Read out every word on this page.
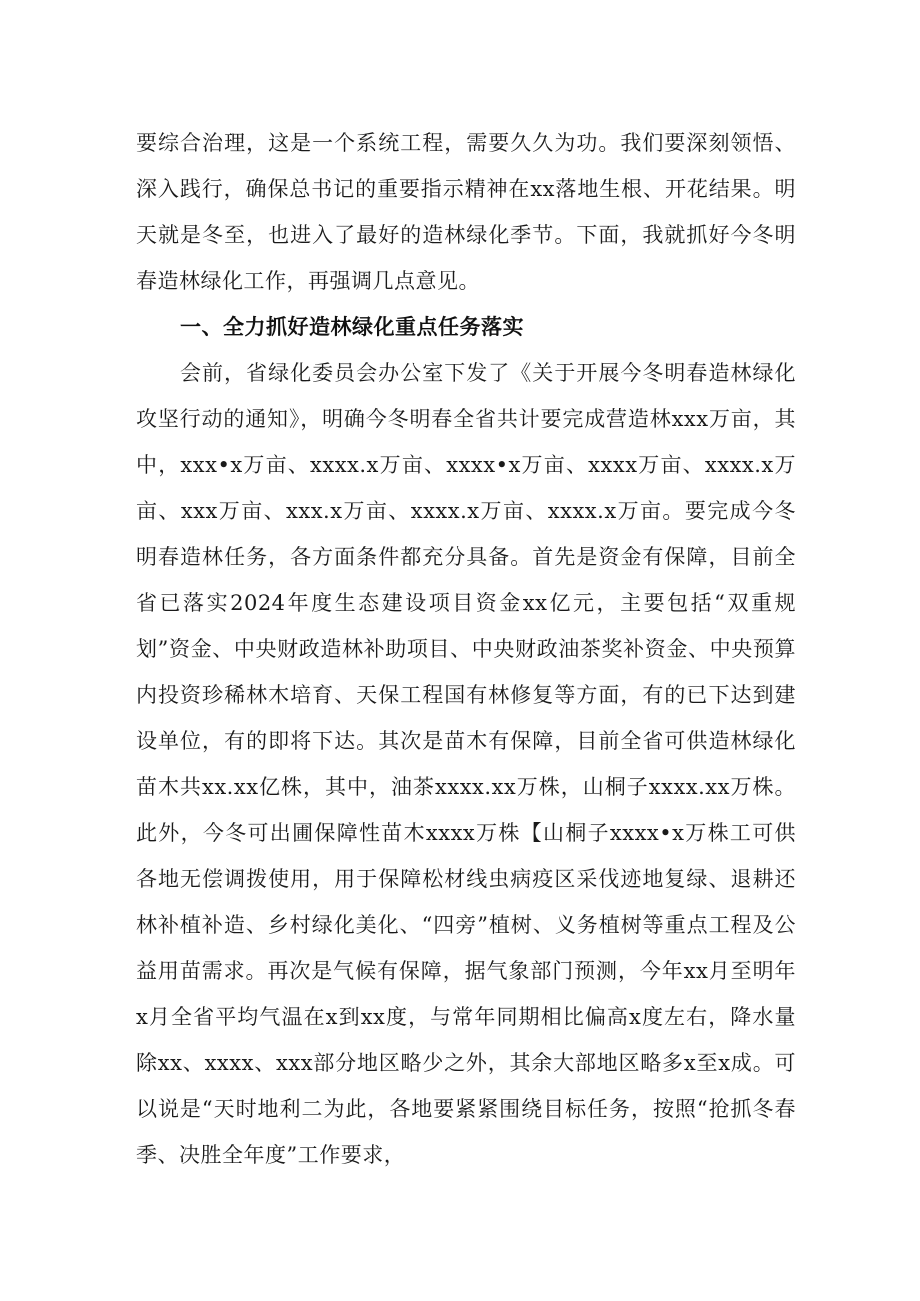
要综合治理，这是一个系统工程，需要久久为功。我们要深刻领悟、深入践行，确保总书记的重要指示精神在xx落地生根、开花结果。明天就是冬至，也进入了最好的造林绿化季节。下面，我就抓好今冬明春造林绿化工作，再强调几点意见。

一、全力抓好造林绿化重点任务落实

会前，省绿化委员会办公室下发了《关于开展今冬明春造林绿化攻坚行动的通知》，明确今冬明春全省共计要完成营造林xxx万亩，其中，xxx•x万亩、xxxx.x万亩、xxxx•x万亩、xxxx万亩、xxxx.x万亩、xxx万亩、xxx.x万亩、xxxx.x万亩、xxxx.x万亩。要完成今冬明春造林任务，各方面条件都充分具备。首先是资金有保障，目前全省已落实2024年度生态建设项目资金xx亿元，主要包括“双重规划”资金、中央财政造林补助项目、中央财政油茶奖补资金、中央预算内投资珍稀林木培育、天保工程国有林修复等方面，有的已下达到建设单位，有的即将下达。其次是苗木有保障，目前全省可供造林绿化苗木共xx.xx亿株，其中，油茶xxxx.xx万株，山桐子xxxx.xx万株。此外，今冬可出圃保障性苗木xxxx万株【山桐子xxxx•x万株工可供各地无偿调拨使用，用于保障松材线虫病疫区采伐迹地复绿、退耕还林补植补造、乡村绿化美化、“四旁”植树、义务植树等重点工程及公益用苗需求。再次是气候有保障，据气象部门预测，今年xx月至明年x月全省平均气温在x到xx度，与常年同期相比偏高x度左右，降水量除xx、xxxx、xxx部分地区略少之外，其余大部地区略多x至x成。可以说是“天时地利二为此，各地要紧紧围绕目标任务，按照“抢抓冬春季、决胜全年度”工作要求，
